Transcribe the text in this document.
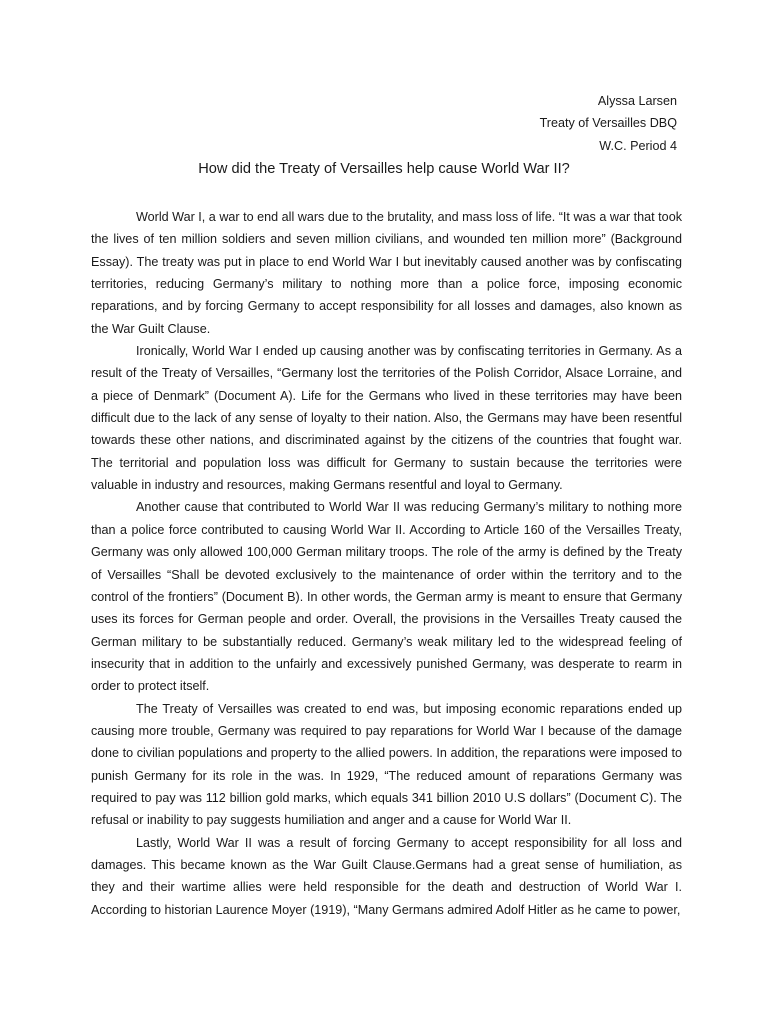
Alyssa Larsen
Treaty of Versailles DBQ
W.C. Period 4
How did the Treaty of Versailles help cause World War II?

World War I, a war to end all wars due to the brutality, and mass loss of life. “It was a war that took the lives of ten million soldiers and seven million civilians, and wounded ten million more” (Background Essay). The treaty was put in place to end World War I but inevitably caused another was by confiscating territories, reducing Germany’s military to nothing more than a police force, imposing economic reparations, and by forcing Germany to accept responsibility for all losses and damages, also known as the War Guilt Clause.

Ironically, World War I ended up causing another was by confiscating territories in Germany. As a result of the Treaty of Versailles, “Germany lost the territories of the Polish Corridor, Alsace Lorraine, and a piece of Denmark” (Document A). Life for the Germans who lived in these territories may have been difficult due to the lack of any sense of loyalty to their nation. Also, the Germans may have been resentful towards these other nations, and discriminated against by the citizens of the countries that fought war. The territorial and population loss was difficult for Germany to sustain because the territories were valuable in industry and resources, making Germans resentful and loyal to Germany.

Another cause that contributed to World War II was reducing Germany’s military to nothing more than a police force contributed to causing World War II. According to Article 160 of the Versailles Treaty, Germany was only allowed 100,000 German military troops. The role of the army is defined by the Treaty of Versailles “Shall be devoted exclusively to the maintenance of order within the territory and to the control of the frontiers” (Document B). In other words, the German army is meant to ensure that Germany uses its forces for German people and order. Overall, the provisions in the Versailles Treaty caused the German military to be substantially reduced. Germany’s weak military led to the widespread feeling of insecurity that in addition to the unfairly and excessively punished Germany, was desperate to rearm in order to protect itself.

The Treaty of Versailles was created to end was, but imposing economic reparations ended up causing more trouble, Germany was required to pay reparations for World War I because of the damage done to civilian populations and property to the allied powers. In addition, the reparations were imposed to punish Germany for its role in the was. In 1929, “The reduced amount of reparations Germany was required to pay was 112 billion gold marks, which equals 341 billion 2010 U.S dollars” (Document C). The refusal or inability to pay suggests humiliation and anger and a cause for World War II.

Lastly, World War II was a result of forcing Germany to accept responsibility for all loss and damages. This became known as the War Guilt Clause.Germans had a great sense of humiliation, as they and their wartime allies were held responsible for the death and destruction of World War I. According to historian Laurence Moyer (1919), “Many Germans admired Adolf Hitler as he came to power,
